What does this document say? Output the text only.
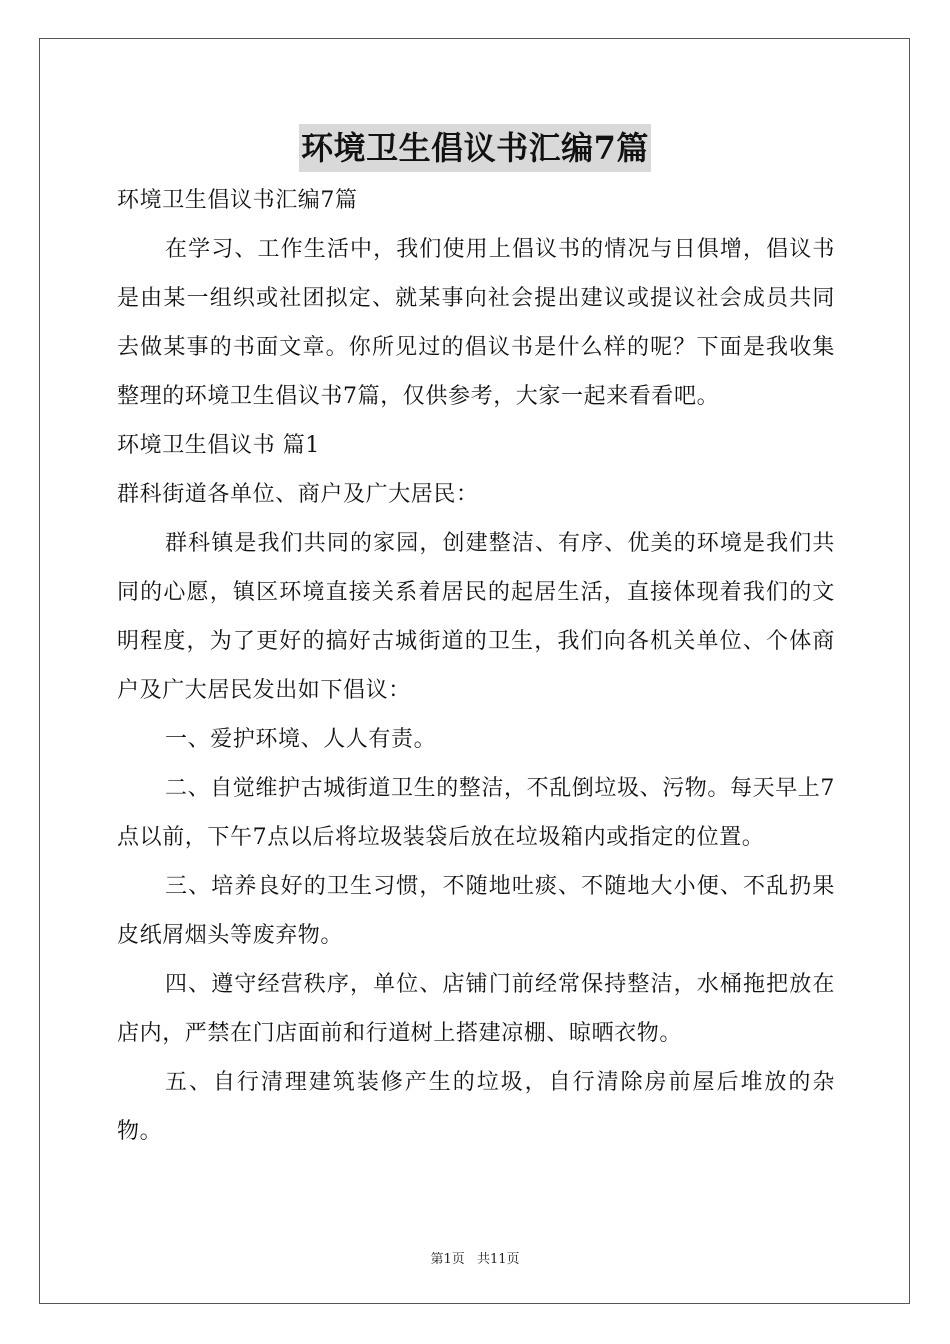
环境卫生倡议书汇编7篇

环境卫生倡议书汇编7篇

在学习、工作生活中，我们使用上倡议书的情况与日俱增，倡议书是由某一组织或社团拟定、就某事向社会提出建议或提议社会成员共同去做某事的书面文章。你所见过的倡议书是什么样的呢？下面是我收集整理的环境卫生倡议书7篇，仅供参考，大家一起来看看吧。

环境卫生倡议书 篇1

群科街道各单位、商户及广大居民：

群科镇是我们共同的家园，创建整洁、有序、优美的环境是我们共同的心愿，镇区环境直接关系着居民的起居生活，直接体现着我们的文明程度，为了更好的搞好古城街道的卫生，我们向各机关单位、个体商户及广大居民发出如下倡议：

一、爱护环境、人人有责。

二、自觉维护古城街道卫生的整洁，不乱倒垃圾、污物。每天早上7点以前，下午7点以后将垃圾装袋后放在垃圾箱内或指定的位置。

三、培养良好的卫生习惯，不随地吐痰、不随地大小便、不乱扔果皮纸屑烟头等废弃物。

四、遵守经营秩序，单位、店铺门前经常保持整洁，水桶拖把放在店内，严禁在门店面前和行道树上搭建凉棚、晾晒衣物。

五、自行清理建筑装修产生的垃圾，自行清除房前屋后堆放的杂物。

第1页 共11页
